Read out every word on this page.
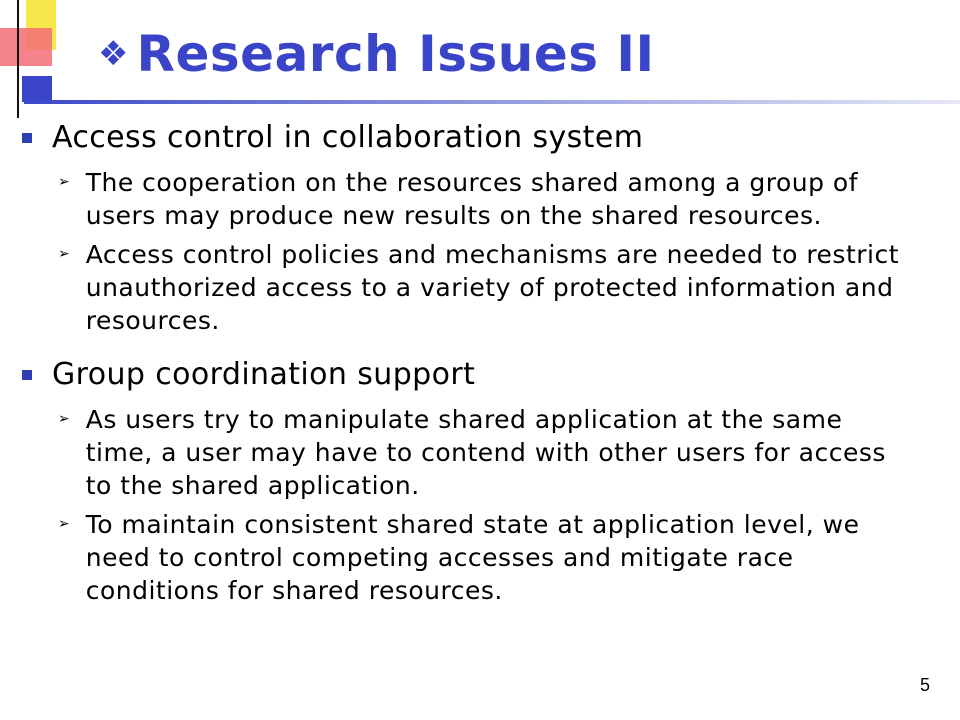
❖ Research Issues II
Access control in collaboration system
➢ The cooperation on the resources shared among a group of users may produce new results on the shared resources.
➢ Access control policies and mechanisms are needed to restrict unauthorized access to a variety of protected information and resources.
Group coordination support
➢ As users try to manipulate shared application at the same time, a user may have to contend with other users for access to the shared application.
➢ To maintain consistent shared state at application level, we need to control competing accesses and mitigate race conditions for shared resources.
5
